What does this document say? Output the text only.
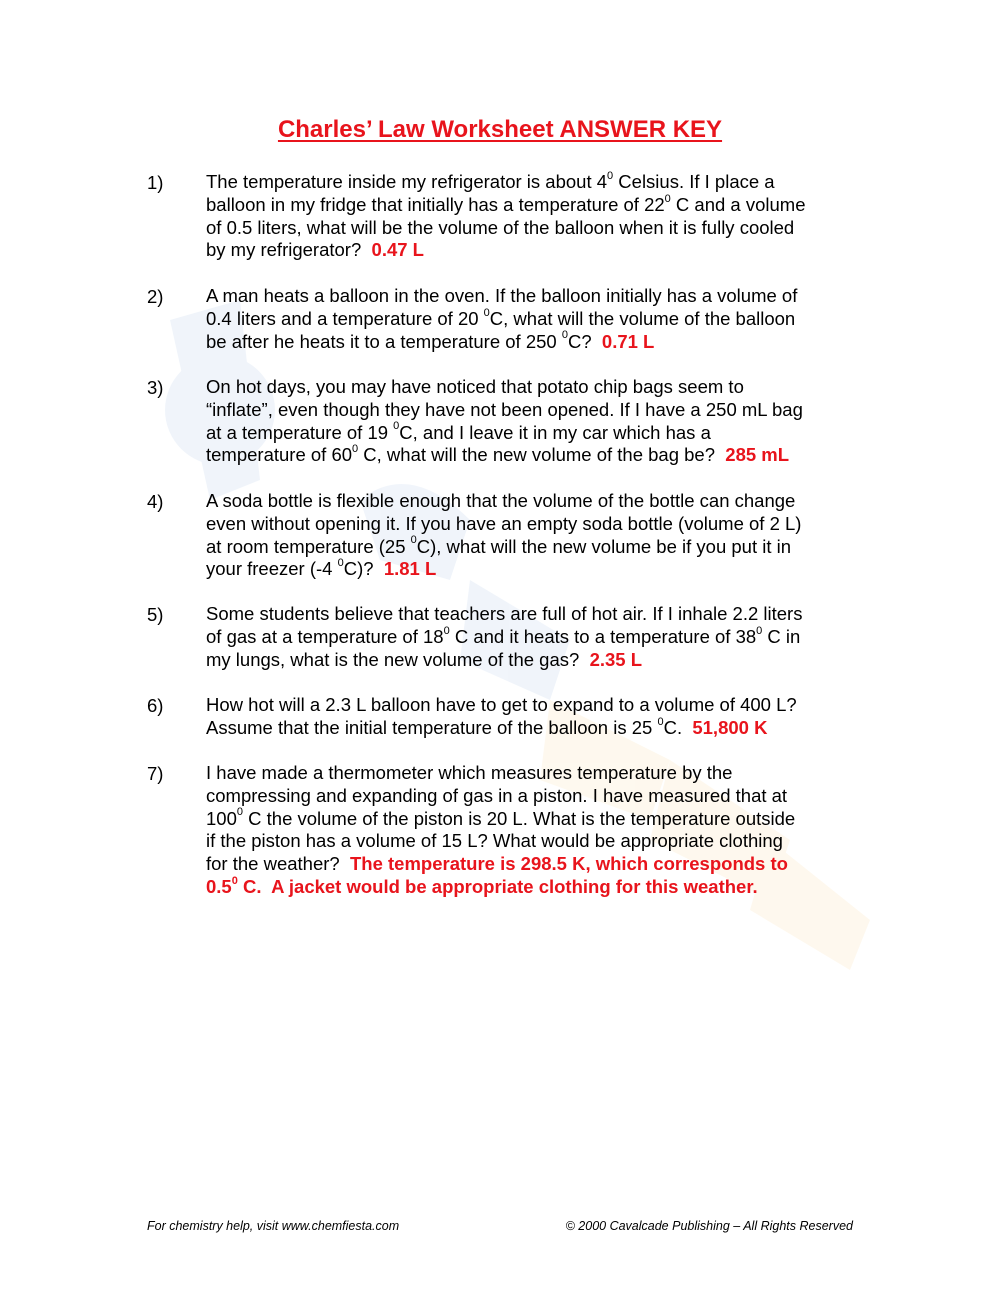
Charles’ Law Worksheet ANSWER KEY
1) The temperature inside my refrigerator is about $4^0$ Celsius. If I place a
balloon in my fridge that initially has a temperature of $22^0$ C and a volume
of 0.5 liters, what will be the volume of the balloon when it is fully cooled
by my refrigerator?  0.47 L
2) A man heats a balloon in the oven. If the balloon initially has a volume of
0.4 liters and a temperature of 20 $^0$C, what will the volume of the balloon
be after he heats it to a temperature of 250 $^0$C?  0.71 L
3) On hot days, you may have noticed that potato chip bags seem to
“inflate”, even though they have not been opened. If I have a 250 mL bag
at a temperature of 19 $^0$C, and I leave it in my car which has a
temperature of $60^0$ C, what will the new volume of the bag be?  285 mL
4) A soda bottle is flexible enough that the volume of the bottle can change
even without opening it. If you have an empty soda bottle (volume of 2 L)
at room temperature (25 $^0$C), what will the new volume be if you put it in
your freezer (-4 $^0$C)?  1.81 L
5) Some students believe that teachers are full of hot air. If I inhale 2.2 liters
of gas at a temperature of $18^0$ C and it heats to a temperature of $38^0$ C in
my lungs, what is the new volume of the gas?  2.35 L
6) How hot will a 2.3 L balloon have to get to expand to a volume of 400 L?
Assume that the initial temperature of the balloon is 25 $^0$C.  51,800 K
7) I have made a thermometer which measures temperature by the
compressing and expanding of gas in a piston. I have measured that at
$100^0$ C the volume of the piston is 20 L. What is the temperature outside
if the piston has a volume of 15 L? What would be appropriate clothing
for the weather?  The temperature is 298.5 K, which corresponds to
$0.5^0$ C.  A jacket would be appropriate clothing for this weather.
For chemistry help, visit www.chemfiesta.com	© 2000 Cavalcade Publishing – All Rights Reserved
